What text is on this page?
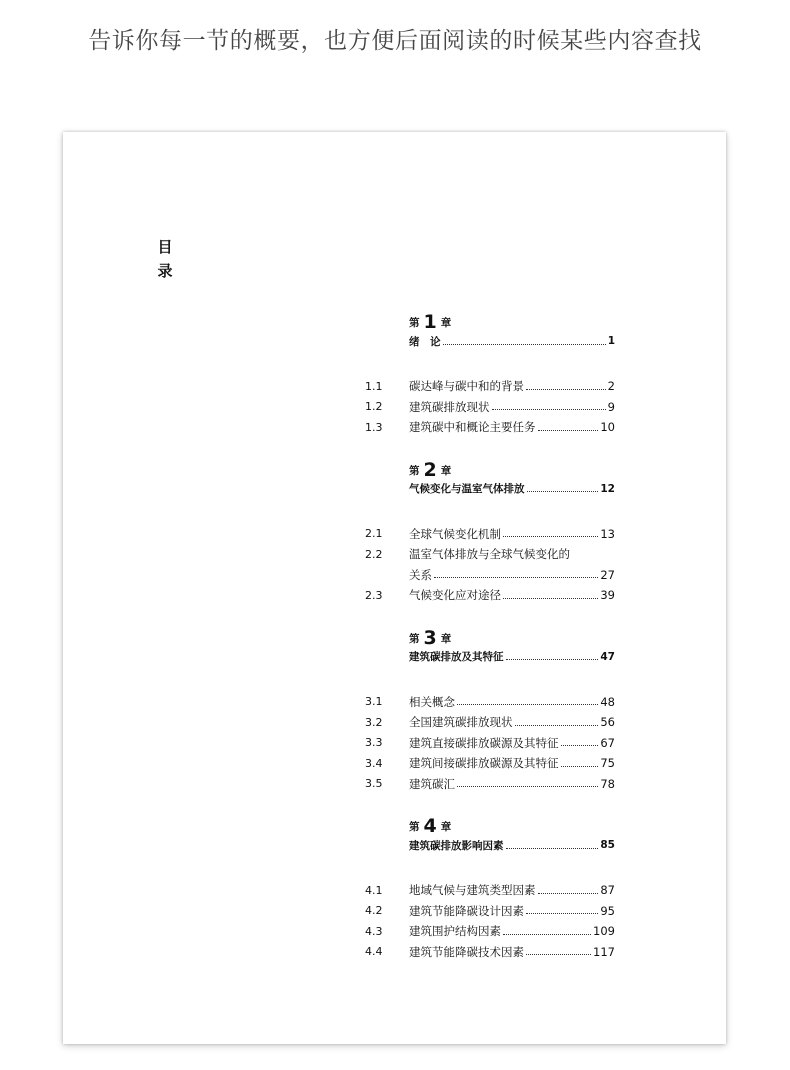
告诉你每一节的概要，也方便后面阅读的时候某些内容查找
目
录
第 1 章
绪　论	1
1.1	碳达峰与碳中和的背景	2
1.2	建筑碳排放现状	9
1.3	建筑碳中和概论主要任务	10
第 2 章
气候变化与温室气体排放	12
2.1	全球气候变化机制	13
2.2	温室气体排放与全球气候变化的
关系	27
2.3	气候变化应对途径	39
第 3 章
建筑碳排放及其特征	47
3.1	相关概念	48
3.2	全国建筑碳排放现状	56
3.3	建筑直接碳排放碳源及其特征	67
3.4	建筑间接碳排放碳源及其特征	75
3.5	建筑碳汇	78
第 4 章
建筑碳排放影响因素	85
4.1	地域气候与建筑类型因素	87
4.2	建筑节能降碳设计因素	95
4.3	建筑围护结构因素	109
4.4	建筑节能降碳技术因素	117
